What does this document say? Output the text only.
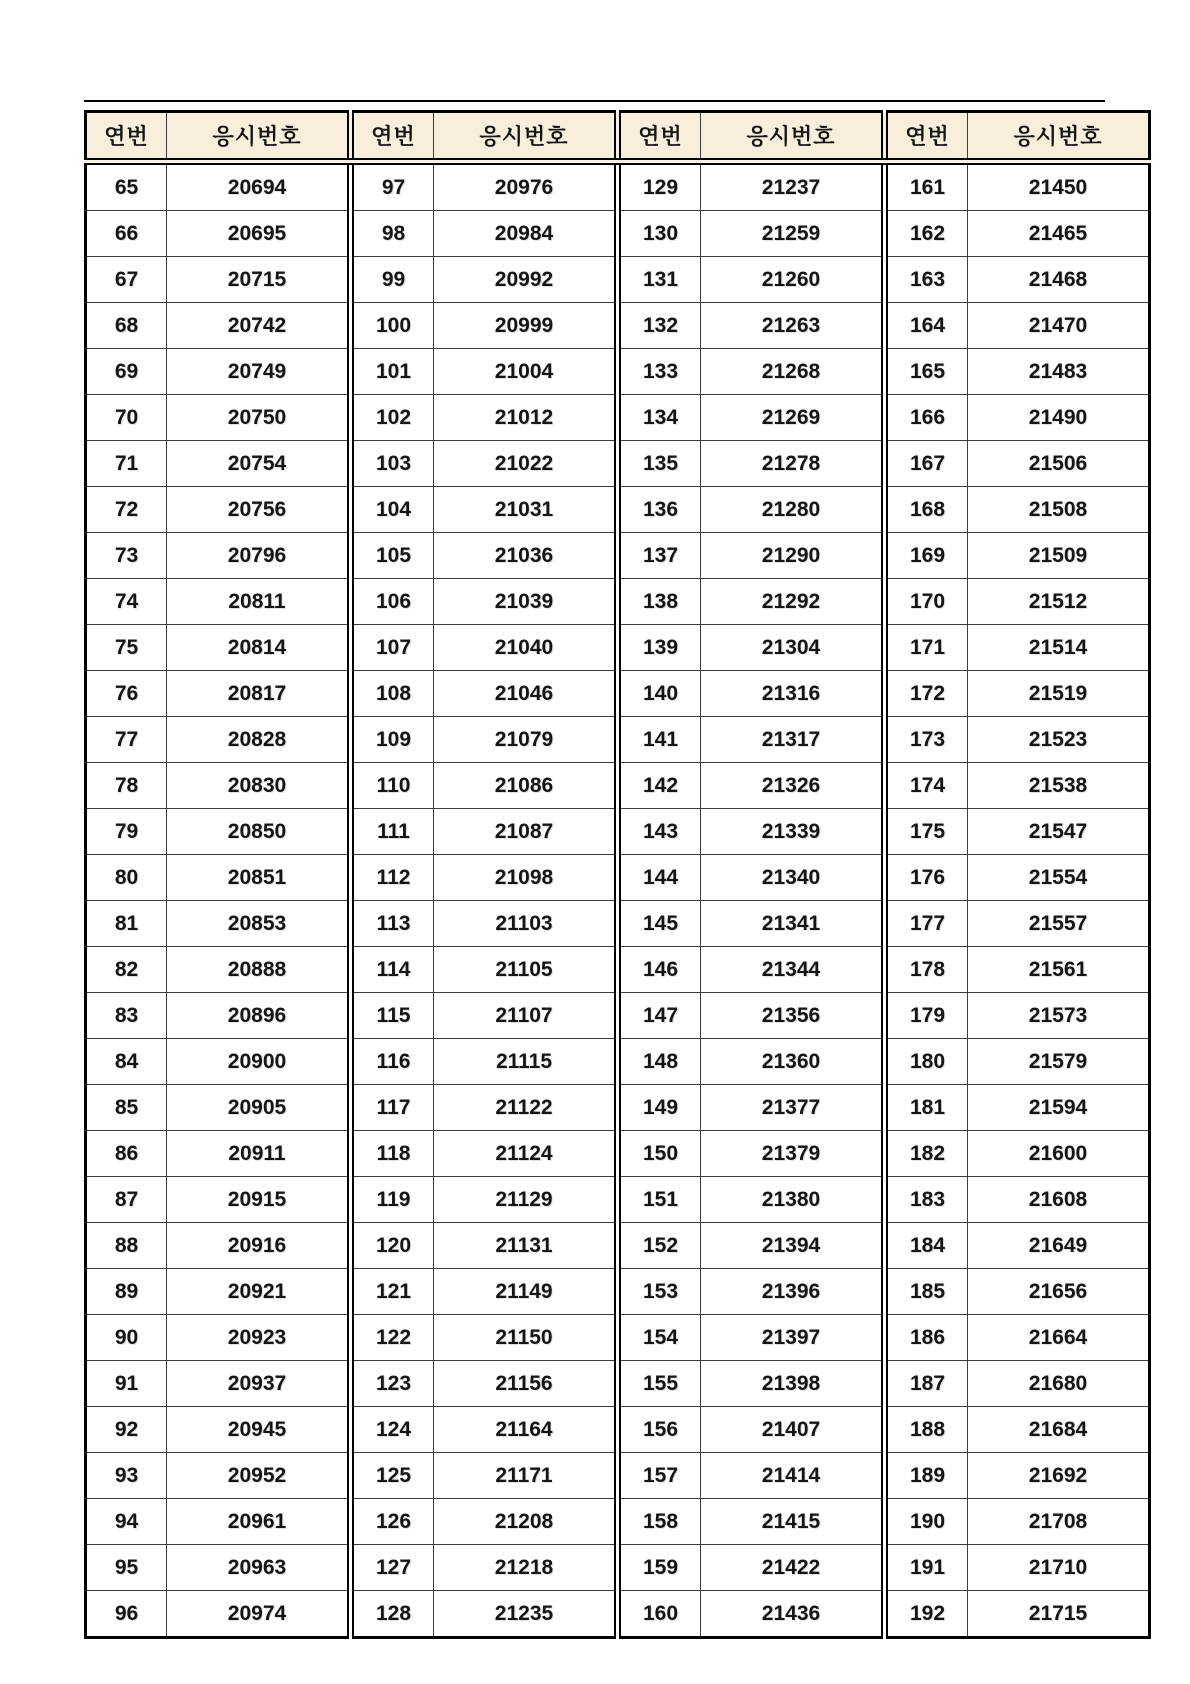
연번	응시번호	연번	응시번호	연번	응시번호	연번	응시번호
65	20694	97	20976	129	21237	161	21450
66	20695	98	20984	130	21259	162	21465
67	20715	99	20992	131	21260	163	21468
68	20742	100	20999	132	21263	164	21470
69	20749	101	21004	133	21268	165	21483
70	20750	102	21012	134	21269	166	21490
71	20754	103	21022	135	21278	167	21506
72	20756	104	21031	136	21280	168	21508
73	20796	105	21036	137	21290	169	21509
74	20811	106	21039	138	21292	170	21512
75	20814	107	21040	139	21304	171	21514
76	20817	108	21046	140	21316	172	21519
77	20828	109	21079	141	21317	173	21523
78	20830	110	21086	142	21326	174	21538
79	20850	111	21087	143	21339	175	21547
80	20851	112	21098	144	21340	176	21554
81	20853	113	21103	145	21341	177	21557
82	20888	114	21105	146	21344	178	21561
83	20896	115	21107	147	21356	179	21573
84	20900	116	21115	148	21360	180	21579
85	20905	117	21122	149	21377	181	21594
86	20911	118	21124	150	21379	182	21600
87	20915	119	21129	151	21380	183	21608
88	20916	120	21131	152	21394	184	21649
89	20921	121	21149	153	21396	185	21656
90	20923	122	21150	154	21397	186	21664
91	20937	123	21156	155	21398	187	21680
92	20945	124	21164	156	21407	188	21684
93	20952	125	21171	157	21414	189	21692
94	20961	126	21208	158	21415	190	21708
95	20963	127	21218	159	21422	191	21710
96	20974	128	21235	160	21436	192	21715
